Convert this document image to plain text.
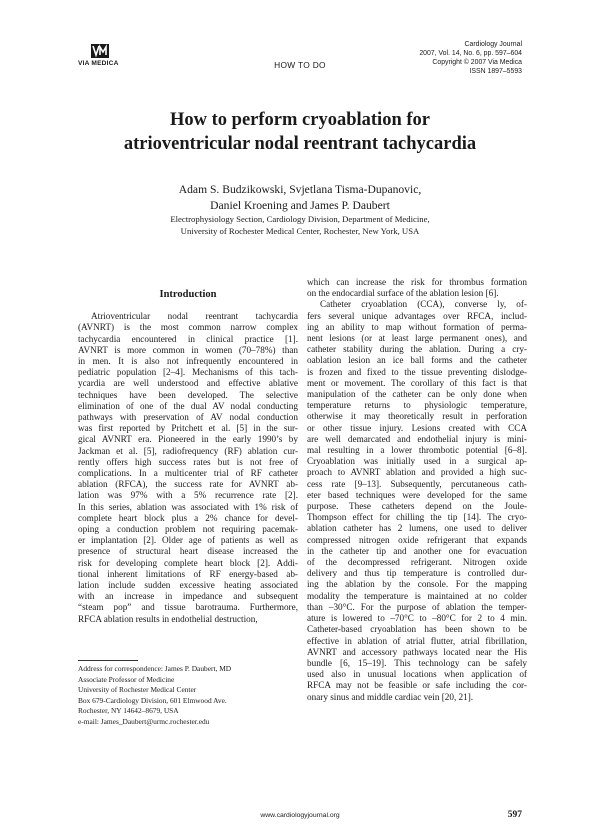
VIA MEDICA	HOW TO DO
Cardiology Journal
2007, Vol. 14, No. 6, pp. 597–604
Copyright © 2007 Via Medica
ISSN 1897–5593
How to perform cryoablation for
atrioventricular nodal reentrant tachycardia
Adam S. Budzikowski, Svjetlana Tisma-Dupanovic,
Daniel Kroening and James P. Daubert
Electrophysiology Section, Cardiology Division, Department of Medicine,
University of Rochester Medical Center, Rochester, New York, USA
Introduction
Atrioventricular nodal reentrant tachycardia
(AVNRT) is the most common narrow complex
tachycardia encountered in clinical practice [1].
AVNRT is more common in women (70–78%) than
in men. It is also not infrequently encountered in
pediatric population [2–4]. Mechanisms of this tach-
ycardia are well understood and effective ablative
techniques have been developed. The selective
elimination of one of the dual AV nodal conducting
pathways with preservation of AV nodal conduction
was first reported by Pritchett et al. [5] in the sur-
gical AVNRT era. Pioneered in the early 1990’s by
Jackman et al. [5], radiofrequency (RF) ablation cur-
rently offers high success rates but is not free of
complications. In a multicenter trial of RF catheter
ablation (RFCA), the success rate for AVNRT ab-
lation was 97% with a 5% recurrence rate [2].
In this series, ablation was associated with 1% risk of
complete heart block plus a 2% chance for devel-
oping a conduction problem not requiring pacemak-
er implantation [2]. Older age of patients as well as
presence of structural heart disease increased the
risk for developing complete heart block [2]. Addi-
tional inherent limitations of RF energy-based ab-
lation include sudden excessive heating associated
with an increase in impedance and subsequent
“steam pop” and tissue barotrauma. Furthermore,
RFCA ablation results in endothelial destruction,
which can increase the risk for thrombus formation
on the endocardial surface of the ablation lesion [6].
Catheter cryoablation (CCA), converse ly, of-
fers several unique advantages over RFCA, includ-
ing an ability to map without formation of perma-
nent lesions (or at least large permanent ones), and
catheter stability during the ablation. During a cry-
oablation lesion an ice ball forms and the catheter
is frozen and fixed to the tissue preventing dislodge-
ment or movement. The corollary of this fact is that
manipulation of the catheter can be only done when
temperature returns to physiologic temperature,
otherwise it may theoretically result in perforation
or other tissue injury. Lesions created with CCA
are well demarcated and endothelial injury is mini-
mal resulting in a lower thrombotic potential [6–8].
Cryoablation was initially used in a surgical ap-
proach to AVNRT ablation and provided a high suc-
cess rate [9–13]. Subsequently, percutaneous cath-
eter based techniques were developed for the same
purpose. These catheters depend on the Joule-
Thompson effect for chilling the tip [14]. The cryo-
ablation catheter has 2 lumens, one used to deliver
compressed nitrogen oxide refrigerant that expands
in the catheter tip and another one for evacuation
of the decompressed refrigerant. Nitrogen oxide
delivery and thus tip temperature is controlled dur-
ing the ablation by the console. For the mapping
modality the temperature is maintained at no colder
than –30°C. For the purpose of ablation the temper-
ature is lowered to –70°C to –80°C for 2 to 4 min.
Catheter-based cryoablation has been shown to be
effective in ablation of atrial flutter, atrial fibrillation,
AVNRT and accessory pathways located near the His
bundle [6, 15–19]. This technology can be safely
used also in unusual locations when application of
RFCA may not be feasible or safe including the cor-
onary sinus and middle cardiac vein [20, 21].
Address for correspondence: James P. Daubert, MD
Associate Professor of Medicine
University of Rochester Medical Center
Box 679-Cardiology Division, 601 Elmwood Ave.
Rochester, NY 14642–8679, USA
e-mail: James_Daubert@urmc.rochester.edu
www.cardiologyjournal.org	597
